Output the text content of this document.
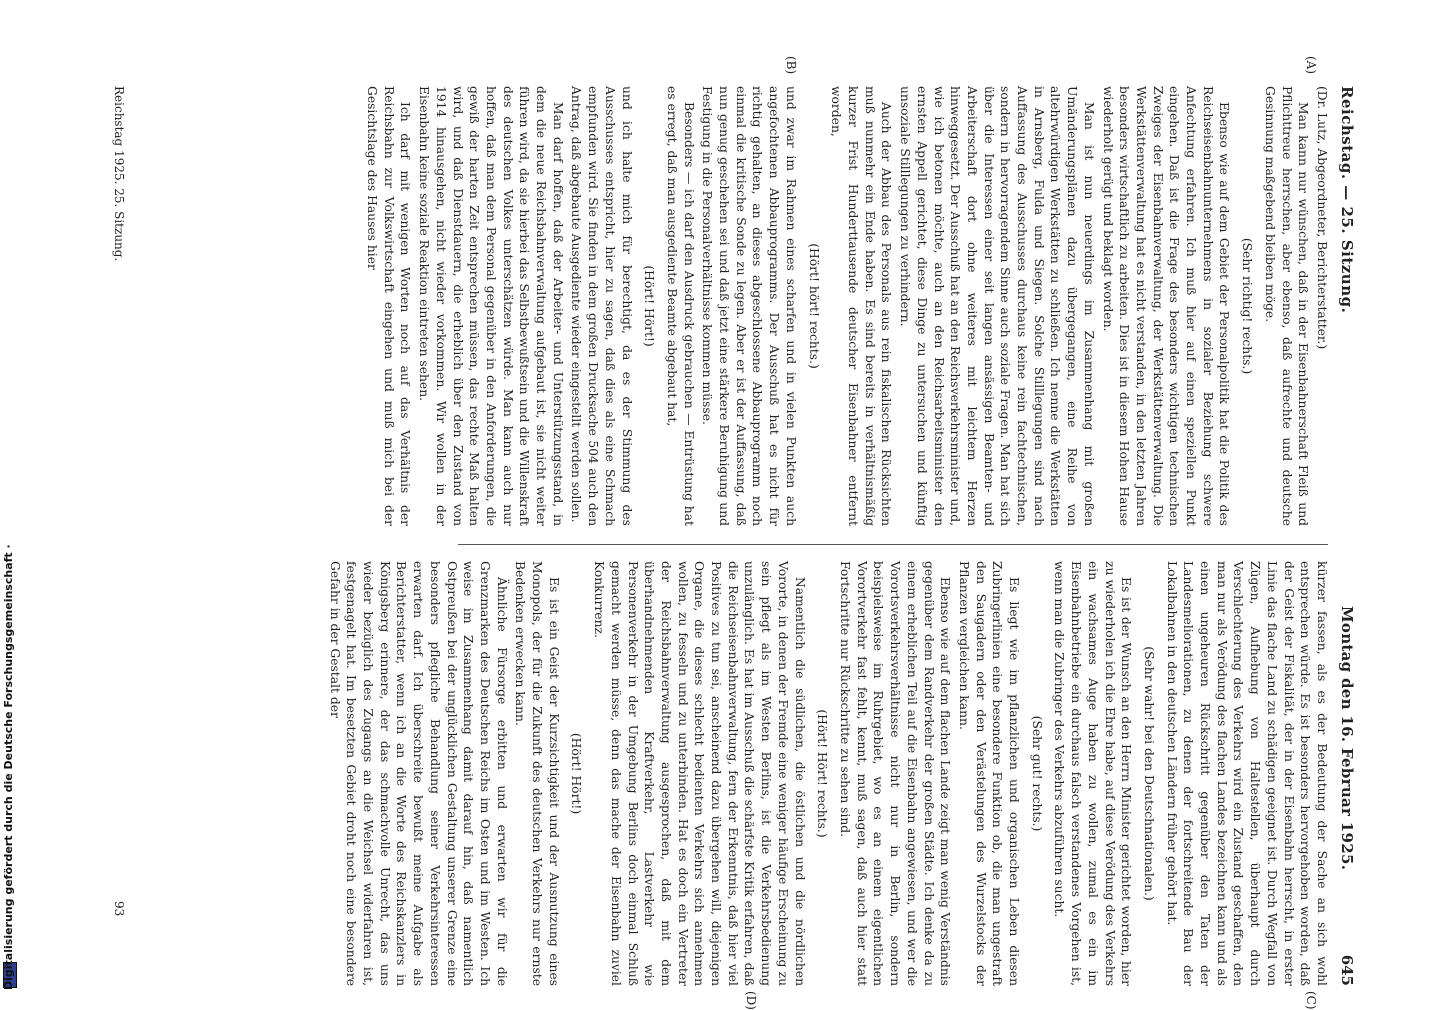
Digitalisierung gefördert durch die Deutsche Forschungsgemeinschaft ·
Reichstag. — 25. Sitzung.
Montag den 16. Februar 1925.
645
(A)
(B)
(C)
(D)

(Dr. Lutz, Abgeordneter, Berichterstatter.)

Man kann nur wünschen, daß in der Eisenbahnerschaft Fleiß und Pflichttreue herrschen, aber ebenso, daß aufrechte und deutsche Gesinnung maßgebend bleiben möge.

(Sehr richtig! rechts.)

Ebenso wie auf dem Gebiet der Personalpolitik hat die Politik des Reichseisenbahnunternehmens in sozialer Beziehung schwere Anfechtung erfahren. Ich muß hier auf einen speziellen Punkt eingehen. Daß ist die Frage des besonders wichtigen technischen Zweiges der Eisenbahnverwaltung, der Werkstättenverwaltung. Die Werkstättenverwaltung hat es nicht verstanden, in den letzten Jahren besonders wirtschaftlich zu arbeiten. Dies ist in diesem Hohen Hause wiederholt gerügt und beklagt worden.

Man ist nun neuerdings im Zusammenhang mit großen Umänderungsplänen dazu übergegangen, eine Reihe von altehrwürdigen Werkstätten zu schließen. Ich nenne die Werkstätten in Arnsberg, Fulda und Siegen. Solche Stilllegungen sind nach Auffassung des Ausschusses durchaus keine rein fachtechnischen, sondern in hervorragendem Sinne auch soziale Fragen. Man hat sich über die Interessen einer seit langen ansässigen Beamten- und Arbeiterschaft dort ohne weiteres mit leichtem Herzen hinweggesetzt. Der Ausschuß hat an den Reichsverkehrsminister und, wie ich betonen möchte, auch an den Reichsarbeitsminister den ernsten Appell gerichtet, diese Dinge zu untersuchen und künftig unsoziale Stilllegungen zu verhindern.

Auch der Abbau des Personals aus rein fiskalischen Rücksichten muß nunmehr ein Ende haben. Es sind bereits in verhältnismäßig kurzer Frist Hunderttausende deutscher Eisenbahner entfernt worden,

(Hört! hört! rechts.)

und zwar im Rahmen eines scharfen und in vielen Punkten auch angefochtenen Abbauprogramms. Der Ausschuß hat es nicht für richtig gehalten, an dieses abgeschlossene Abbauprogramm noch einmal die kritische Sonde zu legen. Aber er ist der Auffassung, daß nun genug geschehen sei und daß jetzt eine stärkere Beruhigung und Festigung in die Personalverhältnisse kommen müsse.

Besonders — ich darf den Ausdruck gebrauchen — Entrüstung hat es erregt, daß man ausgediente Beamte abgebaut hat,

(Hört! Hört!)

und ich halte mich für berechtigt, da es der Stimmung des Ausschusses entspricht, hier zu sagen, daß dies als eine Schmach empfunden wird. Sie finden in dem großen Drucksache 504 auch den Antrag, daß abgebaute Ausgediente wieder eingestellt werden sollen.

Man darf hoffen, daß der Arbeiter- und Unterstützungsstand, in dem die neue Reichsbahnverwaltung aufgebaut ist, sie nicht weiter führen wird, da sie hierbei das Selbstbewußtsein und die Willenskraft des deutschen Volkes unterschätzen würde. Man kann auch nur hoffen, daß man dem Personal gegenüber in den Anforderungen, die gewiß der harten Zeit entsprechen müssen, das rechte Maß halten wird, und daß Dienstdauern, die erheblich über den Zustand von 1914 hinausgehen, nicht wieder vorkommen. Wir wollen in der Eisenbahn keine soziale Reaktion eintreten sehen.

Ich darf mit wenigen Worten noch auf das Verhältnis der Reichsbahn zur Volkswirtschaft eingehen und muß mich bei der Gesichtslage des Hauses hier

kürzer fassen, als es der Bedeutung der Sache an sich wohl entsprechen würde. Es ist besonders hervorgehoben worden, daß der Geist der Fiskalität, der in der Eisenbahn herrscht, in erster Linie das flache Land zu schädigen geeignet ist. Durch Wegfall von Zügen, Aufhebung von Haltestellen, überhaupt durch Verschlechterung des Verkehrs wird ein Zustand geschaffen, den man nur als Verödung des flachen Landes bezeichnen kann und als einen ungeheuren Rückschritt gegenüber den Taten der Landesmeliorationen, zu denen der fortschreitende Bau der Lokalbahnen in den deutschen Ländern früher gehört hat.

(Sehr wahr! bei den Deutschnationalen.)

Es ist der Wunsch an den Herrn Minister gerichtet worden, hier zu wiederholen ich die Ehre habe, auf diese Verödung des Verkehrs ein wachsames Auge haben zu wollen, zumal es ein im Eisenbahnbetriebe ein durchaus falsch verstandenes Vorgehen ist, wenn man die Zubringer des Verkehrs abzuführen sucht.

(Sehr gut! rechts.)

Es liegt wie im pflanzlichen und organischen Leben diesen Zubringerlinien eine besondere Funktion ob, die man ungestraft den Saugadern oder den Verästelungen des Wurzelstocks der Pflanzen vergleichen kann.

Ebenso wie auf dem flachen Lande zeigt man wenig Verständnis gegenüber dem Randverkehr der großen Städte. Ich denke da zu einem erheblichen Teil auf die Eisenbahn angewiesen, und wer die Vorortsverkehrsverhältnisse nicht nur in Berlin, sondern beispielsweise im Ruhrgebiet, wo es an einem eigentlichen Vorortverkehr fast fehlt, kennt, muß sagen, daß auch hier statt Fortschritte nur Rückschritte zu sehen sind.

(Hört! Hört! rechts.)

Namentlich die südlichen, die östlichen und die nördlichen Vororte, in denen der Fremde eine weniger häufige Erscheinung zu sein pflegt als im Westen Berlins, ist die Verkehrsbedienung unzulänglich. Es hat im Ausschuß die schärfste Kritik erfahren, daß die Reichseisenbahnverwaltung, fern der Erkenntnis, daß hier viel Positives zu tun sei, anscheinend dazu übergehen will, diejenigen Organe, die dieses schlecht bedienten Verkehrs sich annehmen wollen, zu fesseln und zu unterbinden. Hat es doch ein Vertreter der Reichsbahnverwaltung ausgesprochen, daß mit dem überhandnehmenden Kraftverkehr, Lastverkehr wie Personenverkehr in der Umgebung Berlins doch einmal Schluß gemacht werden müsse, denn das mache der Eisenbahn zuviel Konkurrenz.

(Hört! Hört!)

Es ist ein Geist der Kurzsichtigkeit und der Ausnutzung eines Monopols, der für die Zukunft des deutschen Verkehrs nur ernste Bedenken erwecken kann.

Ähnliche Fürsorge erbitten und erwarten wir für die Grenzmarken des Deutschen Reichs im Osten und im Westen. Ich weise im Zusammenhang damit darauf hin, daß namentlich Ostpreußen bei der unglücklichen Gestaltung unserer Grenze eine besonders pflegliche Behandlung seiner Verkehrsinteressen erwarten darf. Ich überschreite bewußt meine Aufgabe als Berichterstatter, wenn ich an die Worte des Reichskanzlers in Königsberg erinnere, der das schmachvolle Unrecht, das uns wieder bezüglich des Zugangs an die Weichsel widerfahren ist, festgenagelt hat. Im besetzten Gebiet droht noch eine besondere Gefahr in der Gestalt der

Reichstag 1925. 25. Sitzung.
93
